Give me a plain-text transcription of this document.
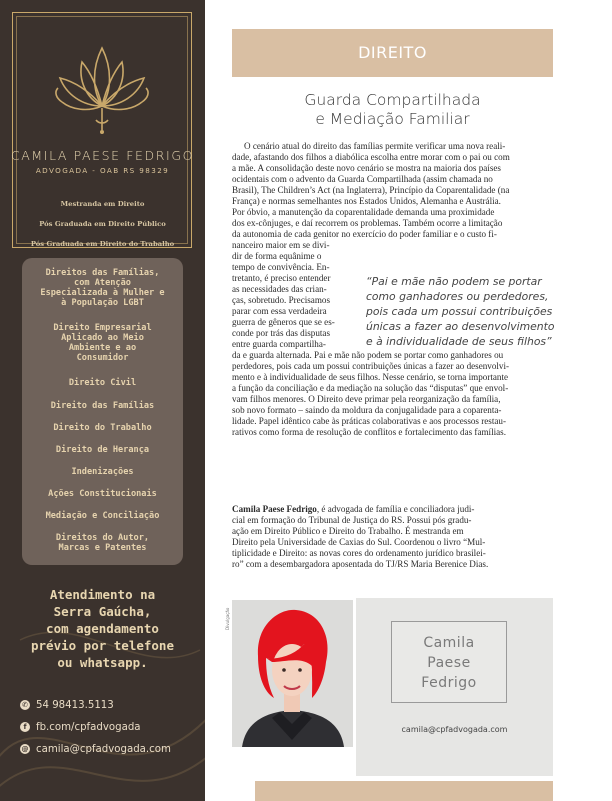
CAMILA PAESE FEDRIGO
ADVOGADA - OAB RS 98329
Mestranda em Direito
Pós Graduada em Direito Público
Pós Graduada em Direito do Trabalho
Direitos das Famílias,
com Atenção
Especializada à Mulher e
à População LGBT
Direito Empresarial
Aplicado ao Meio
Ambiente e ao
Consumidor
Direito Civil
Direito das Famílias
Direito do Trabalho
Direito de Herança
Indenizações
Ações Constitucionais
Mediação e Conciliação
Direitos do Autor,
Marcas e Patentes
Atendimento na
Serra Gaúcha,
com agendamento
prévio por telefone
ou whatsapp.
✆ 54 98413.5113
f fb.com/cpfadvogada
@ camila@cpfadvogada.com
DIREITO
Guarda Compartilhada
e Mediação Familiar
O cenário atual do direito das famílias permite verificar uma nova reali-
dade, afastando dos filhos a diabólica escolha entre morar com o pai ou com
a mãe. A consolidação deste novo cenário se mostra na maioria dos países
ocidentais com o advento da Guarda Compartilhada (assim chamada no
Brasil), The Children’s Act (na Inglaterra), Princípio da Coparentalidade (na
França) e normas semelhantes nos Estados Unidos, Alemanha e Austrália.
Por óbvio, a manutenção da coparentalidade demanda uma proximidade
dos ex-cônjuges, e daí recorrem os problemas. Também ocorre a limitação
da autonomia de cada genitor no exercício do poder familiar e o custo fi-
nanceiro maior em se divi-
dir de forma equânime o
tempo de convivência. En-
tretanto, é preciso entender
as necessidades das crian-
ças, sobretudo. Precisamos
parar com essa verdadeira
guerra de gêneros que se es-
conde por trás das disputas
entre guarda compartilha-
da e guarda alternada. Pai e mãe não podem se portar como ganhadores ou
perdedores, pois cada um possui contribuições únicas a fazer ao desenvolvi-
mento e à individualidade de seus filhos. Nesse cenário, se torna importante
a função da conciliação e da mediação na solução das “disputas” que envol-
vam filhos menores. O Direito deve primar pela reorganização da família,
sob novo formato – saindo da moldura da conjugalidade para a coparenta-
lidade. Papel idêntico cabe às práticas colaborativas e aos processos restau-
rativos como forma de resolução de conflitos e fortalecimento das famílias.
“Pai e mãe não podem se portar
como ganhadores ou perdedores,
pois cada um possui contribuições
únicas a fazer ao desenvolvimento
e à individualidade de seus filhos”
Camila Paese Fedrigo, é advogada de família e conciliadora judi-
cial em formação do Tribunal de Justiça do RS. Possui pós gradu-
ação em Direito Público e Direito do Trabalho. É mestranda em
Direito pela Universidade de Caxias do Sul. Coordenou o livro “Mul-
tiplicidade e Direito: as novas cores do ordenamento jurídico brasilei-
ro” com a desembargadora aposentada do TJ/RS Maria Berenice Dias.
Divulgação
Camila
Paese
Fedrigo
camila@cpfadvogada.com
